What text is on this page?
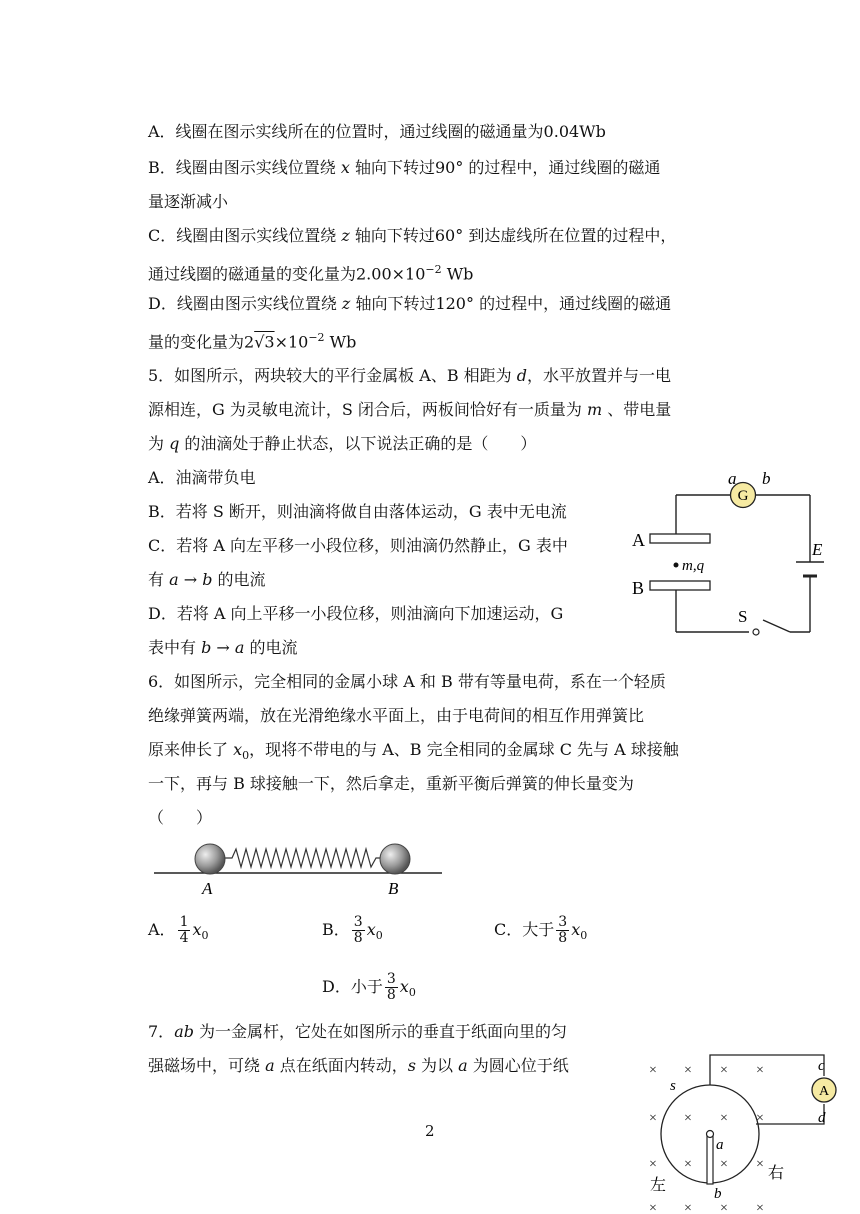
A．线圈在图示实线所在的位置时，通过线圈的磁通量为0.04Wb
B．线圈由图示实线位置绕 x 轴向下转过90° 的过程中，通过线圈的磁通
量逐渐减小
C．线圈由图示实线位置绕 z 轴向下转过60° 到达虚线所在位置的过程中，
通过线圈的磁通量的变化量为$2.00\times 10^{-2}$ Wb
D．线圈由图示实线位置绕 z 轴向下转过120° 的过程中，通过线圈的磁通
量的变化量为$2√3\times 10^{-2}$ Wb
5．如图所示，两块较大的平行金属板 A、B 相距为 d，水平放置并与一电
源相连，G 为灵敏电流计，S 闭合后，两板间恰好有一质量为 m 、带电量
为 q 的油滴处于静止状态，以下说法正确的是（　　）
A．油滴带负电
B．若将 S 断开，则油滴将做自由落体运动，G 表中无电流
C．若将 A 向左平移一小段位移，则油滴仍然静止，G 表中
有 a → b 的电流
D．若将 A 向上平移一小段位移，则油滴向下加速运动，G
表中有 b → a 的电流
G
a b
A
B
m,q
E
S
6．如图所示，完全相同的金属小球 A 和 B 带有等量电荷，系在一个轻质
绝缘弹簧两端，放在光滑绝缘水平面上，由于电荷间的相互作用弹簧比
原来伸长了 $x_0$，现将不带电的与 A、B 完全相同的金属球 C 先与 A 球接触
一下，再与 B 球接触一下，然后拿走，重新平衡后弹簧的伸长量变为
（　　）
A	B
A． $\frac{1}{4} x_0$	B． $\frac{3}{8} x_0$	C．大于 $\frac{3}{8} x_0$
D．小于 $\frac{3}{8} x_0$
7．ab 为一金属杆，它处在如图所示的垂直于纸面向里的匀
强磁场中，可绕 a 点在纸面内转动，s 为以 a 为圆心位于纸	× × × ×
× × × ×
× × × ×
× × × ×
A
c
d
s
a
b
左
右
2
